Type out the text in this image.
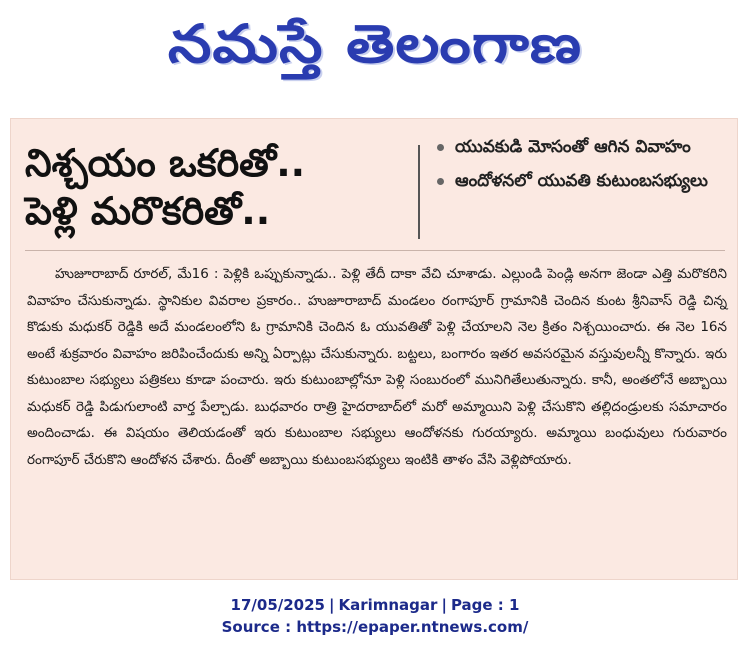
నమస్తే తెలంగాణ
నిశ్చయం ఒకరితో..
పెళ్లి మరొకరితో..
యువకుడి మోసంతో ఆగిన వివాహం
ఆందోళనలో యువతి కుటుంబసభ్యులు

హుజూరాబాద్ రూరల్, మే16 : పెళ్లికి ఒప్పుకున్నాడు.. పెళ్లి తేదీ దాకా వేచి చూశాడు. ఎల్లుండి పెండ్లి అనగా జెండా ఎత్తి మరొకరిని వివాహం చేసుకున్నాడు. స్థానికుల వివరాల ప్రకారం.. హుజూరాబాద్ మండలం రంగాపూర్ గ్రామానికి చెందిన కుంట శ్రీనివాస్ రెడ్డి చిన్న కొడుకు మధుకర్ రెడ్డికి అదే మండలంలోని ఓ గ్రామానికి చెందిన ఓ యువతితో పెళ్లి చేయాలని నెల క్రితం నిశ్చయించారు. ఈ నెల 16న అంటే శుక్రవారం వివాహం జరిపించేందుకు అన్ని ఏర్పాట్లు చేసుకున్నారు. బట్టలు, బంగారం ఇతర అవసరమైన వస్తువులన్నీ కొన్నారు. ఇరు కుటుంబాల సభ్యులు పత్రికలు కూడా పంచారు. ఇరు కుటుంబాల్లోనూ పెళ్లి సంబురంలో మునిగితేలుతున్నారు. కానీ, అంతలోనే అబ్బాయి మధుకర్ రెడ్డి పిడుగులాంటి వార్త పేల్చాడు. బుధవారం రాత్రి హైదరాబాద్‌లో మరో అమ్మాయిని పెళ్లి చేసుకొని తల్లిదండ్రులకు సమాచారం అందించాడు. ఈ విషయం తెలియడంతో ఇరు కుటుంబాల సభ్యులు ఆందోళనకు గురయ్యారు. అమ్మాయి బంధువులు గురువారం రంగాపూర్ చేరుకొని ఆందోళన చేశారు. దీంతో అబ్బాయి కుటుంబసభ్యులు ఇంటికి తాళం వేసి వెళ్లిపోయారు.

17/05/2025 | Karimnagar | Page : 1
Source : https://epaper.ntnews.com/
